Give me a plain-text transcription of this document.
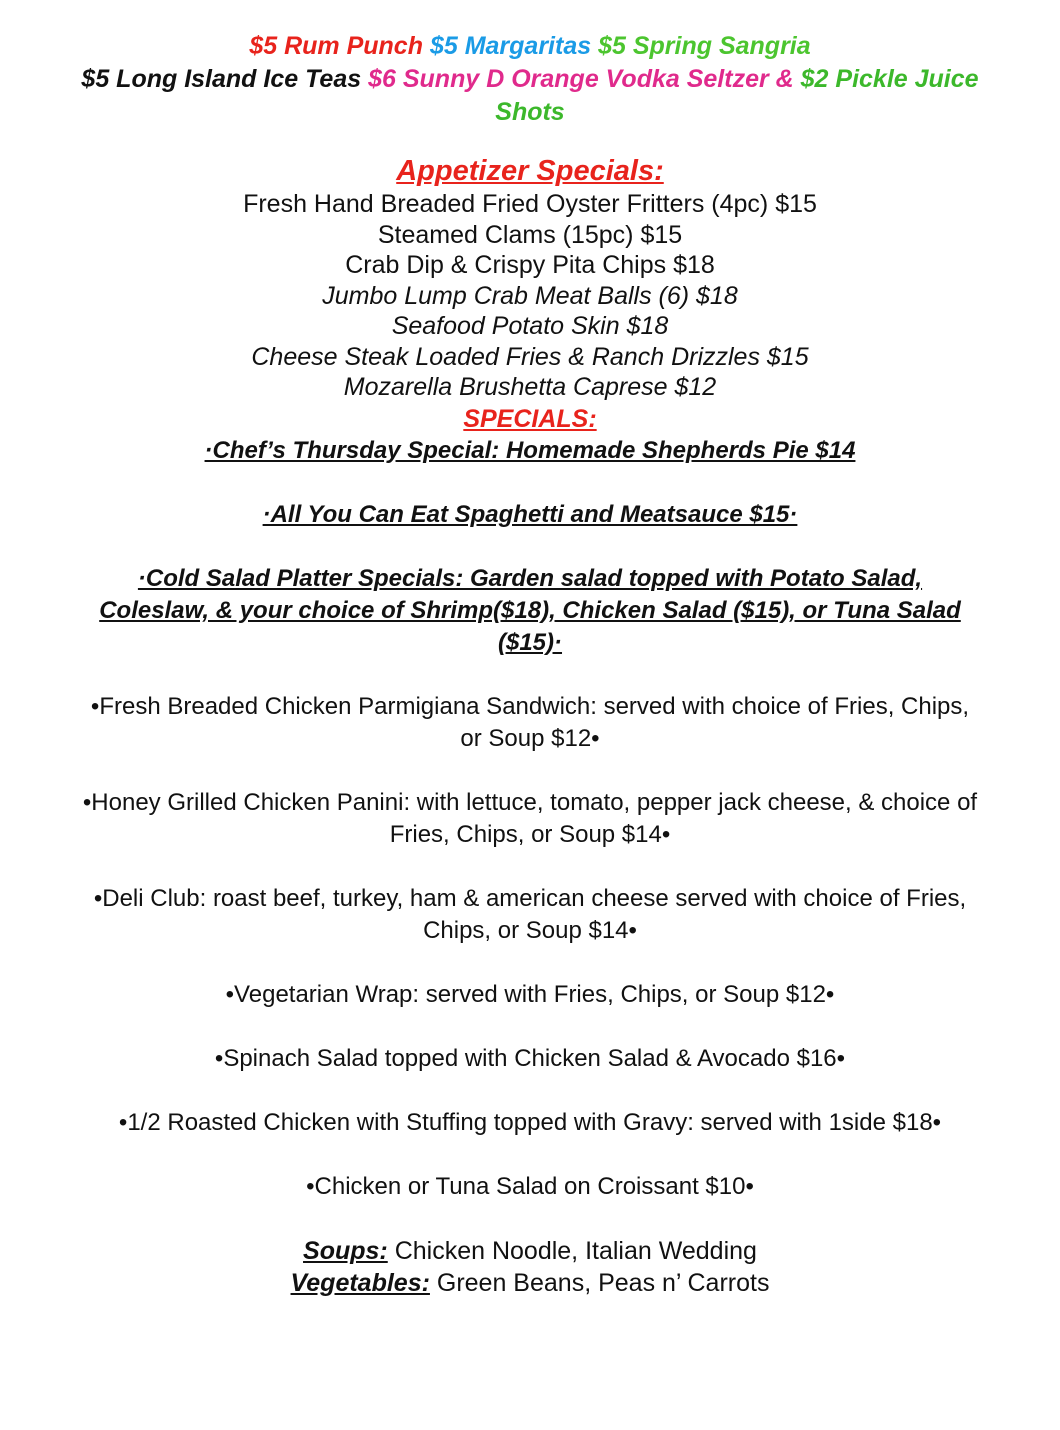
$5 Rum Punch $5 Margaritas $5 Spring Sangria
$5 Long Island Ice Teas $6 Sunny D Orange Vodka Seltzer & $2 Pickle Juice Shots
Appetizer Specials:
Fresh Hand Breaded Fried Oyster Fritters (4pc) $15
Steamed Clams (15pc) $15
Crab Dip & Crispy Pita Chips $18
Jumbo Lump Crab Meat Balls (6) $18
Seafood Potato Skin $18
Cheese Steak Loaded Fries & Ranch Drizzles $15
Mozarella Brushetta Caprese $12
SPECIALS:
·Chef’s Thursday Special: Homemade Shepherds Pie $14
·All You Can Eat Spaghetti and Meatsauce $15·
·Cold Salad Platter Specials: Garden salad topped with Potato Salad, Coleslaw, & your choice of Shrimp($18), Chicken Salad ($15), or Tuna Salad ($15)·
•Fresh Breaded Chicken Parmigiana Sandwich: served with choice of Fries, Chips, or Soup $12•
•Honey Grilled Chicken Panini: with lettuce, tomato, pepper jack cheese, & choice of Fries, Chips, or Soup $14•
•Deli Club: roast beef, turkey, ham & american cheese served with choice of Fries, Chips, or Soup $14•
•Vegetarian Wrap: served with Fries, Chips, or Soup $12•
•Spinach Salad topped with Chicken Salad & Avocado $16•
•1/2 Roasted Chicken with Stuffing topped with Gravy: served with 1side $18•
•Chicken or Tuna Salad on Croissant $10•
Soups: Chicken Noodle, Italian Wedding
Vegetables: Green Beans, Peas n’ Carrots
